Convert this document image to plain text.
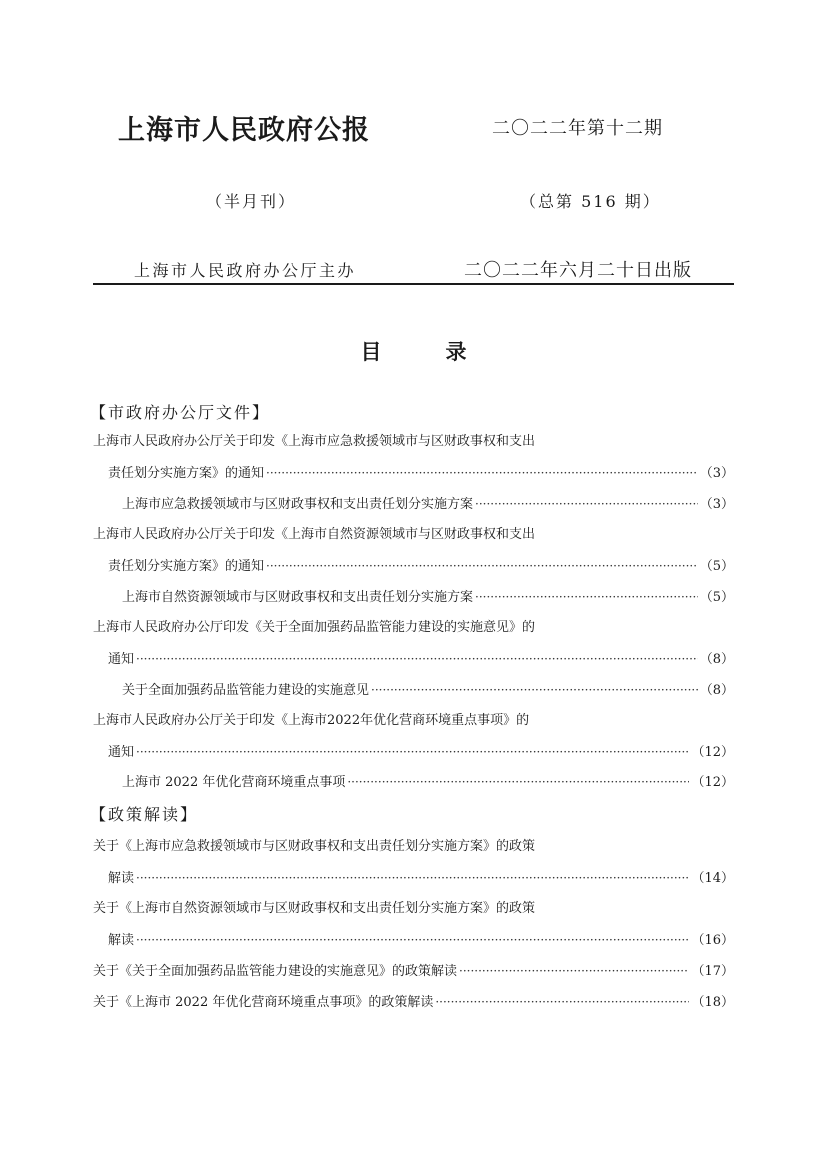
上海市人民政府公报	二〇二二年第十二期
（半月刊）	（总第 516 期）
上海市人民政府办公厅主办	二〇二二年六月二十日出版
目录
【市政府办公厅文件】
上海市人民政府办公厅关于印发《上海市应急救援领域市与区财政事权和支出
责任划分实施方案》的通知 ·····	（3）
上海市应急救援领域市与区财政事权和支出责任划分实施方案 ·····	（3）
上海市人民政府办公厅关于印发《上海市自然资源领域市与区财政事权和支出
责任划分实施方案》的通知 ·····	（5）
上海市自然资源领域市与区财政事权和支出责任划分实施方案 ·····	（5）
上海市人民政府办公厅印发《关于全面加强药品监管能力建设的实施意见》的
通知 ·····	（8）
关于全面加强药品监管能力建设的实施意见 ·····	（8）
上海市人民政府办公厅关于印发《上海市2022年优化营商环境重点事项》的
通知 ·····	（12）
上海市 2022 年优化营商环境重点事项 ·····	（12）
【政策解读】
关于《上海市应急救援领域市与区财政事权和支出责任划分实施方案》的政策
解读 ·····	（14）
关于《上海市自然资源领域市与区财政事权和支出责任划分实施方案》的政策
解读 ·····	（16）
关于《关于全面加强药品监管能力建设的实施意见》的政策解读 ·····	（17）
关于《上海市 2022 年优化营商环境重点事项》的政策解读 ·····	（18）
